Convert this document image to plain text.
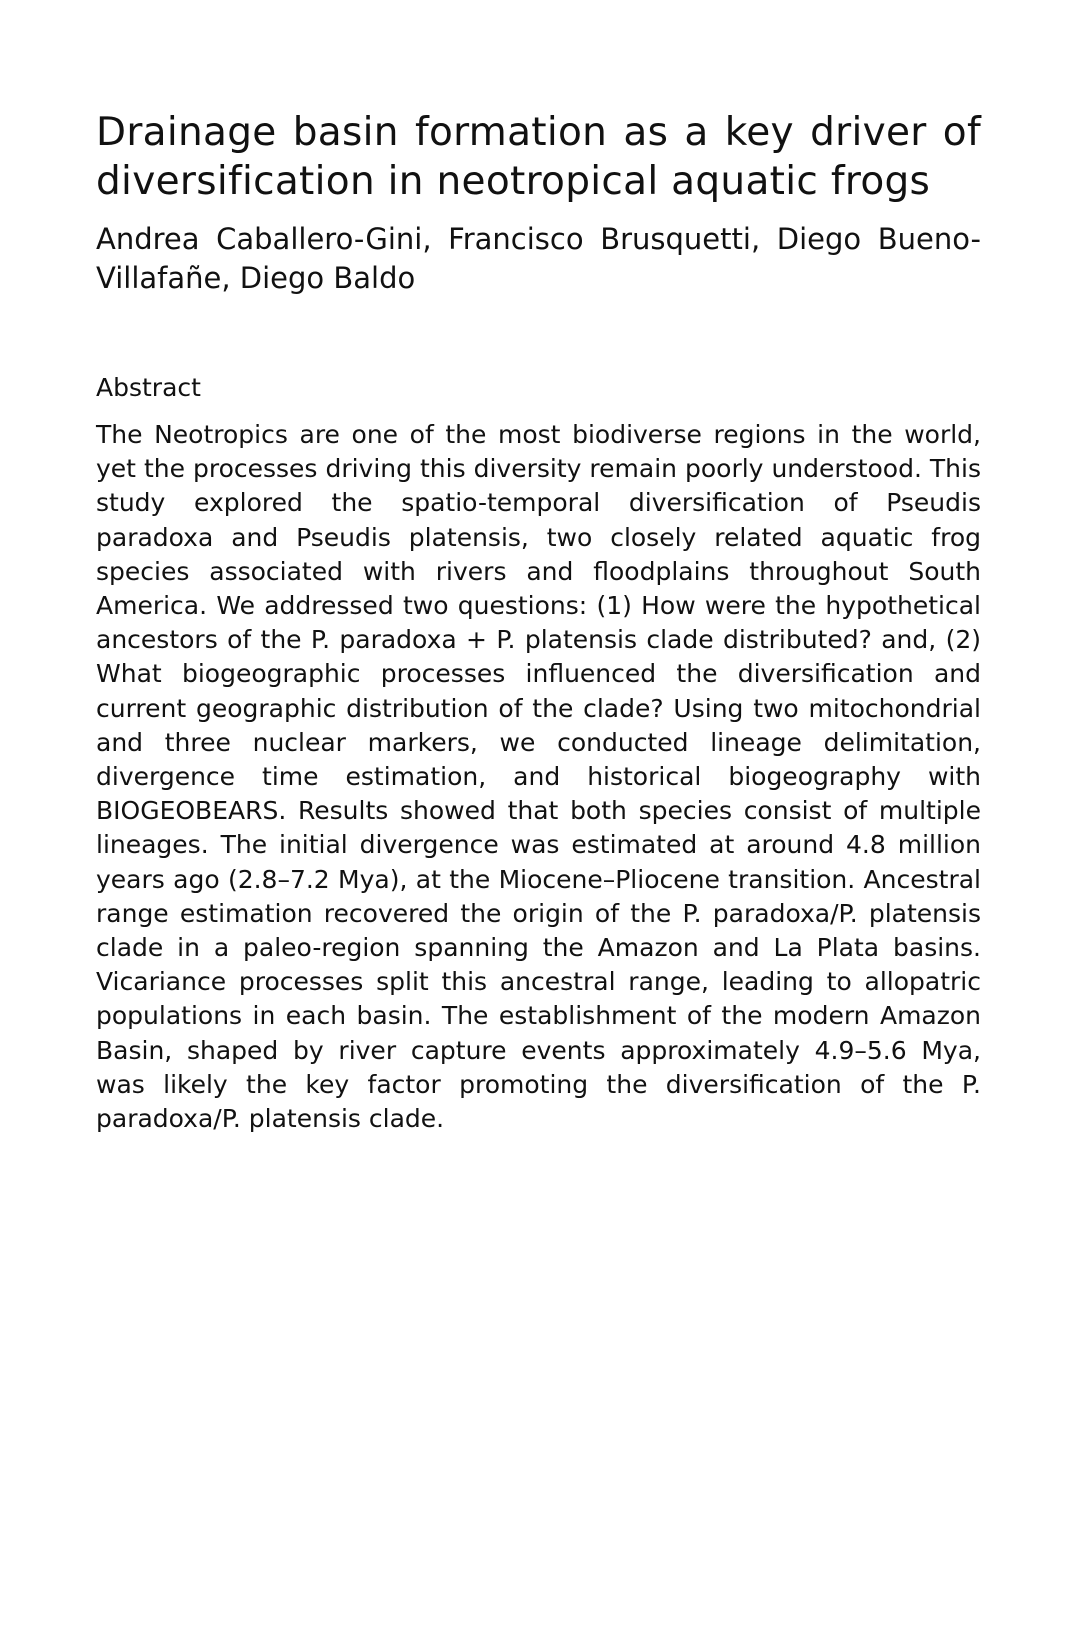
Drainage basin formation as a key driver of diversification in neotropical aquatic frogs

Andrea Caballero-Gini, Francisco Brusquetti, Diego Bueno-Villafañe, Diego Baldo

Abstract

The Neotropics are one of the most biodiverse regions in the world, yet the processes driving this diversity remain poorly understood. This study explored the spatio-temporal diversification of Pseudis paradoxa and Pseudis platensis, two closely related aquatic frog species associated with rivers and floodplains throughout South America. We addressed two questions: (1) How were the hypothetical ancestors of the P. paradoxa + P. platensis clade distributed? and, (2) What biogeographic processes influenced the diversification and current geographic distribution of the clade? Using two mitochondrial and three nuclear markers, we conducted lineage delimitation, divergence time estimation, and historical biogeography with BIOGEOBEARS. Results showed that both species consist of multiple lineages. The initial divergence was estimated at around 4.8 million years ago (2.8–7.2 Mya), at the Miocene–Pliocene transition. Ancestral range estimation recovered the origin of the P. paradoxa/P. platensis clade in a paleo-region spanning the Amazon and La Plata basins. Vicariance processes split this ancestral range, leading to allopatric populations in each basin. The establishment of the modern Amazon Basin, shaped by river capture events approximately 4.9–5.6 Mya, was likely the key factor promoting the diversification of the P. paradoxa/P. platensis clade.
